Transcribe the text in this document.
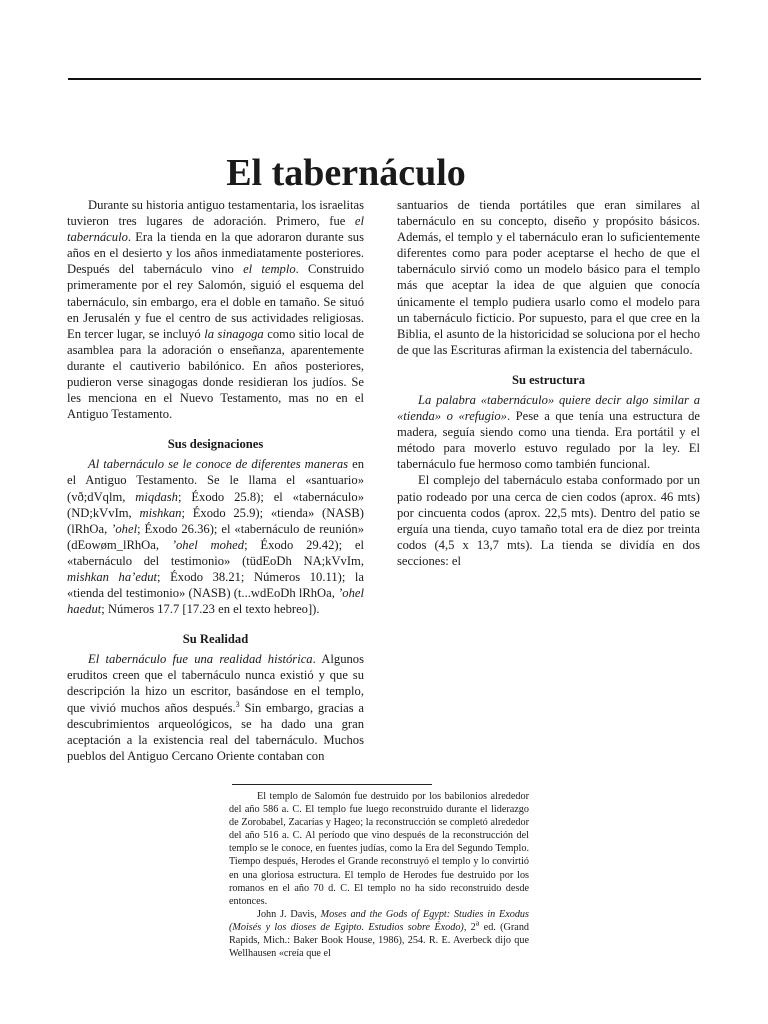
El tabernáculo

Durante su historia antiguo testamentaria, los israelitas tuvieron tres lugares de adoración. Primero, fue el tabernáculo. Era la tienda en la que adoraron durante sus años en el desierto y los años inmediatamente posteriores. Después del tabernáculo vino el templo. Construido primeramente por el rey Salomón, siguió el esquema del tabernáculo, sin embargo, era el doble en tamaño. Se situó en Jerusalén y fue el centro de sus actividades religiosas. En tercer lugar, se incluyó la sinagoga como sitio local de asamblea para la adoración o enseñanza, aparentemente durante el cautiverio babilónico. En años posteriores, pudieron verse sinagogas donde residieran los judíos. Se les menciona en el Nuevo Testamento, mas no en el Antiguo Testamento.

Sus designaciones

Al tabernáculo se le conoce de diferentes maneras en el Antiguo Testamento. Se le llama el «santuario» (vð;dVqlm, miqdash; Éxodo 25.8); el «tabernáculo» (ND;kVvIm, mishkan; Éxodo 25.9); «tienda» (NASB) (lRhOa, ’ohel; Éxodo 26.36); el «tabernáculo de reunión» (dEowøm_lRhOa, ’ohel mohed; Éxodo 29.42); el «tabernáculo del testimonio» (tüdEoDh NA;kVvIm, mishkan ha’edut; Éxodo 38.21; Números 10.11); la «tienda del testimonio» (NASB) (t...wdEoDh lRhOa, ’ohel haedut; Números 17.7 [17.23 en el texto hebreo]).

Su Realidad

El tabernáculo fue una realidad histórica. Algunos eruditos creen que el tabernáculo nunca existió y que su descripción la hizo un escritor, basándose en el templo, que vivió muchos años después.$^3$ Sin embargo, gracias a descubrimientos arqueológicos, se ha dado una gran aceptación a la existencia real del tabernáculo. Muchos pueblos del Antiguo Cercano Oriente contaban con

santuarios de tienda portátiles que eran similares al tabernáculo en su concepto, diseño y propósito básicos. Además, el templo y el tabernáculo eran lo suficientemente diferentes como para poder aceptarse el hecho de que el tabernáculo sirvió como un modelo básico para el templo más que aceptar la idea de que alguien que conocía únicamente el templo pudiera usarlo como el modelo para un tabernáculo ficticio. Por supuesto, para el que cree en la Biblia, el asunto de la historicidad se soluciona por el hecho de que las Escrituras afirman la existencia del tabernáculo.

Su estructura

La palabra «tabernáculo» quiere decir algo similar a «tienda» o «refugio». Pese a que tenía una estructura de madera, seguía siendo como una tienda. Era portátil y el método para moverlo estuvo regulado por la ley. El tabernáculo fue hermoso como también funcional.

El complejo del tabernáculo estaba conformado por un patio rodeado por una cerca de cien codos (aprox. 46 mts) por cincuenta codos (aprox. 22,5 mts). Dentro del patio se erguía una tienda, cuyo tamaño total era de diez por treinta codos (4,5 x 13,7 mts). La tienda se dividía en dos secciones: el

El templo de Salomón fue destruido por los babilonios alrededor del año 586 a. C. El templo fue luego reconstruido durante el liderazgo de Zorobabel, Zacarías y Hageo; la reconstrucción se completó alrededor del año 516 a. C. Al período que vino después de la reconstrucción del templo se le conoce, en fuentes judías, como la Era del Segundo Templo. Tiempo después, Herodes el Grande reconstruyó el templo y lo convirtió en una gloriosa estructura. El templo de Herodes fue destruido por los romanos en el año 70 d. C. El templo no ha sido reconstruido desde entonces.

John J. Davis, Moses and the Gods of Egypt: Studies in Exodus (Moisés y los dioses de Egipto. Estudios sobre Éxodo), 2$^a$ ed. (Grand Rapids, Mich.: Baker Book House, 1986), 254. R. E. Averbeck dijo que Wellhausen «creía que el
